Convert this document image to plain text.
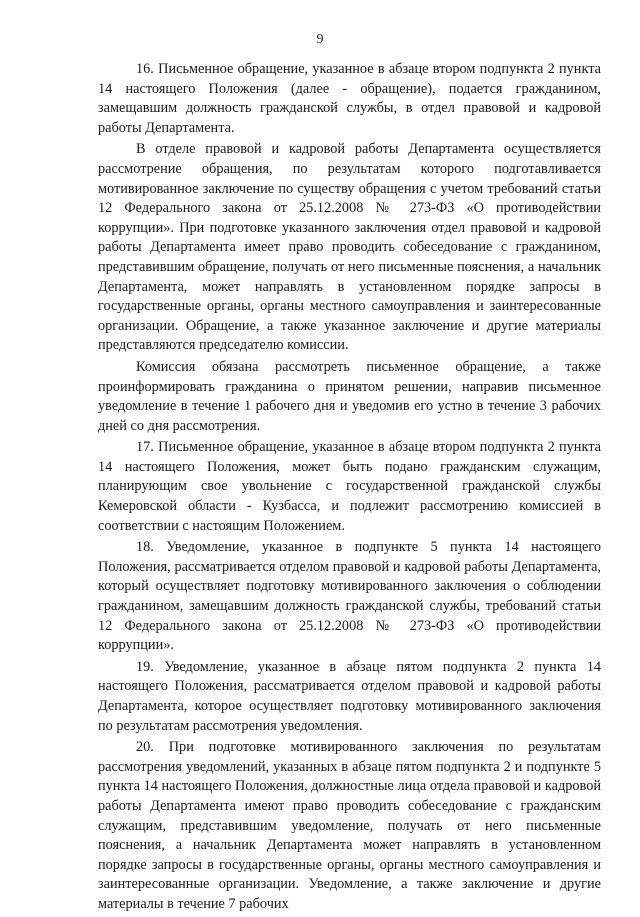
9

16. Письменное обращение, указанное в абзаце втором подпункта 2 пункта 14 настоящего Положения (далее - обращение), подается гражданином, замещавшим должность гражданской службы, в отдел правовой и кадровой работы Департамента.

В отделе правовой и кадровой работы Департамента осуществляется рассмотрение обращения, по результатам которого подготавливается мотивированное заключение по существу обращения с учетом требований статьи 12 Федерального закона от 25.12.2008 № 273-ФЗ «О противодействии коррупции». При подготовке указанного заключения отдел правовой и кадровой работы Департамента имеет право проводить собеседование с гражданином, представившим обращение, получать от него письменные пояснения, а начальник Департамента, может направлять в установленном порядке запросы в государственные органы, органы местного самоуправления и заинтересованные организации. Обращение, а также указанное заключение и другие материалы представляются председателю комиссии.

Комиссия обязана рассмотреть письменное обращение, а также проинформировать гражданина о принятом решении, направив письменное уведомление в течение 1 рабочего дня и уведомив его устно в течение 3 рабочих дней со дня рассмотрения.

17. Письменное обращение, указанное в абзаце втором подпункта 2 пункта 14 настоящего Положения, может быть подано гражданским служащим, планирующим свое увольнение с государственной гражданской службы Кемеровской области - Кузбасса, и подлежит рассмотрению комиссией в соответствии с настоящим Положением.

18. Уведомление, указанное в подпункте 5 пункта 14 настоящего Положения, рассматривается отделом правовой и кадровой работы Департамента, который осуществляет подготовку мотивированного заключения о соблюдении гражданином, замещавшим должность гражданской службы, требований статьи 12 Федерального закона от 25.12.2008 № 273-ФЗ «О противодействии коррупции».

19. Уведомление, указанное в абзаце пятом подпункта 2 пункта 14 настоящего Положения, рассматривается отделом правовой и кадровой работы Департамента, которое осуществляет подготовку мотивированного заключения по результатам рассмотрения уведомления.

20. При подготовке мотивированного заключения по результатам рассмотрения уведомлений, указанных в абзаце пятом подпункта 2 и подпункте 5 пункта 14 настоящего Положения, должностные лица отдела правовой и кадровой работы Департамента имеют право проводить собеседование с гражданским служащим, представившим уведомление, получать от него письменные пояснения, а начальник Департамента может направлять в установленном порядке запросы в государственные органы, органы местного самоуправления и заинтересованные организации. Уведомление, а также заключение и другие материалы в течение 7 рабочих
